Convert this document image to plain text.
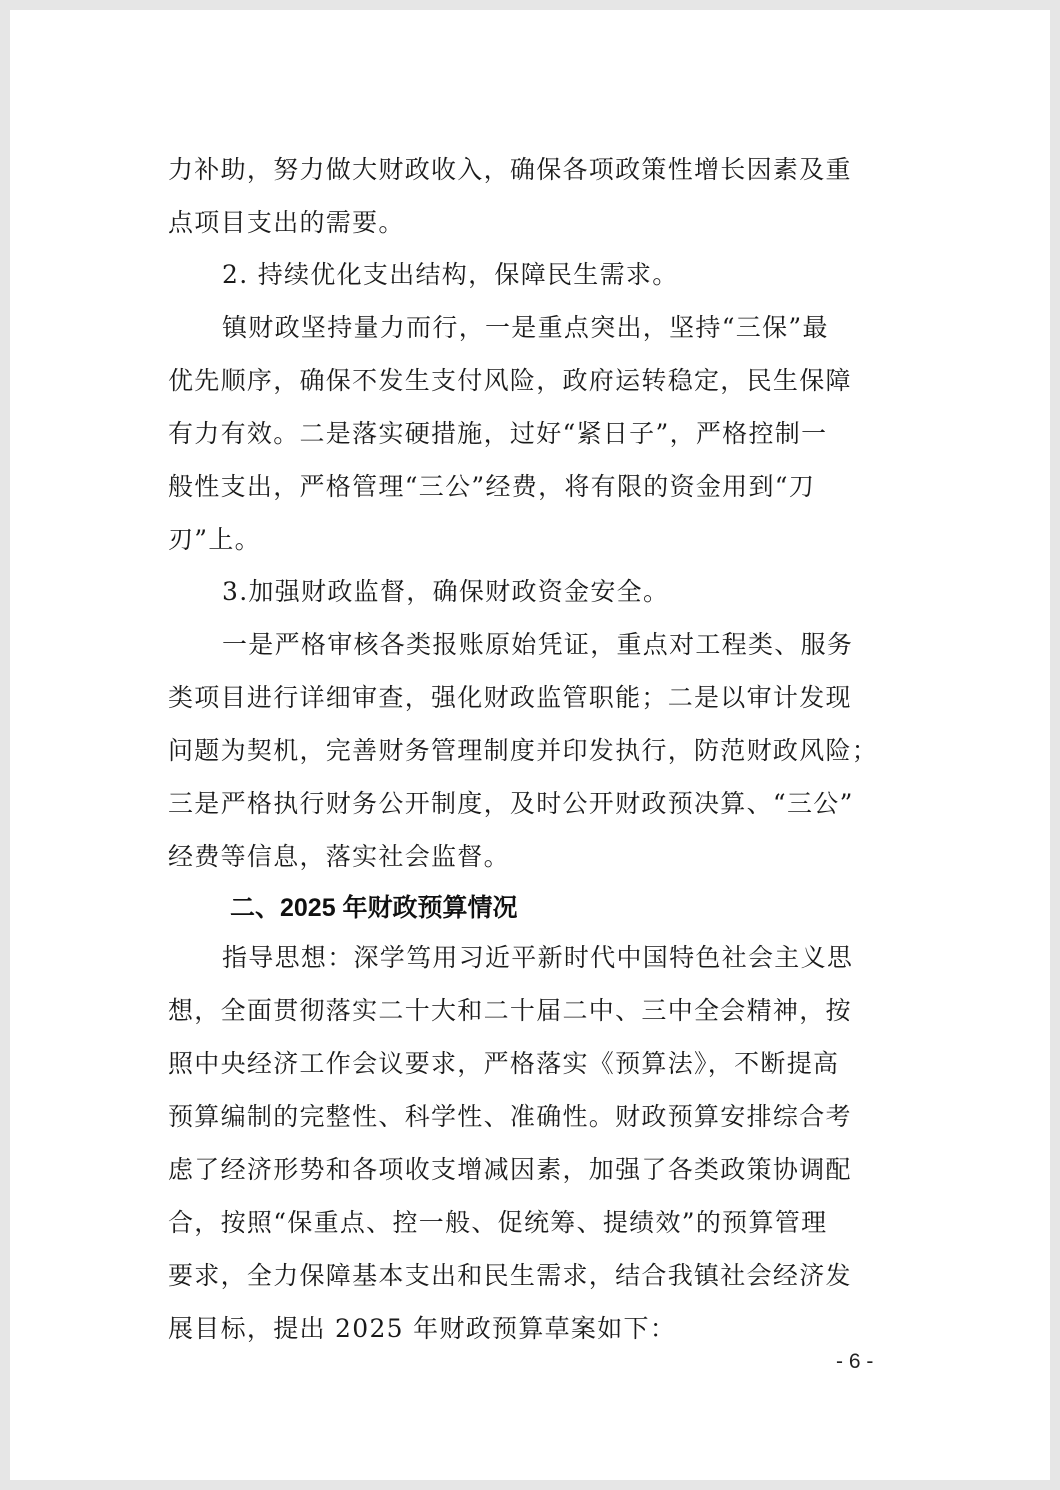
力补助，努力做大财政收入，确保各项政策性增长因素及重
点项目支出的需要。
2. 持续优化支出结构，保障民生需求。
镇财政坚持量力而行，一是重点突出，坚持“三保”最
优先顺序，确保不发生支付风险，政府运转稳定，民生保障
有力有效。二是落实硬措施，过好“紧日子”，严格控制一
般性支出，严格管理“三公”经费，将有限的资金用到“刀
刃”上。
3.加强财政监督，确保财政资金安全。
一是严格审核各类报账原始凭证，重点对工程类、服务
类项目进行详细审查，强化财政监管职能；二是以审计发现
问题为契机，完善财务管理制度并印发执行，防范财政风险；
三是严格执行财务公开制度，及时公开财政预决算、“三公”
经费等信息，落实社会监督。
二、2025 年财政预算情况
指导思想：深学笃用习近平新时代中国特色社会主义思
想，全面贯彻落实二十大和二十届二中、三中全会精神，按
照中央经济工作会议要求，严格落实《预算法》，不断提高
预算编制的完整性、科学性、准确性。财政预算安排综合考
虑了经济形势和各项收支增减因素，加强了各类政策协调配
合，按照“保重点、控一般、促统筹、提绩效”的预算管理
要求，全力保障基本支出和民生需求，结合我镇社会经济发
展目标，提出 2025 年财政预算草案如下：
- 6 -
